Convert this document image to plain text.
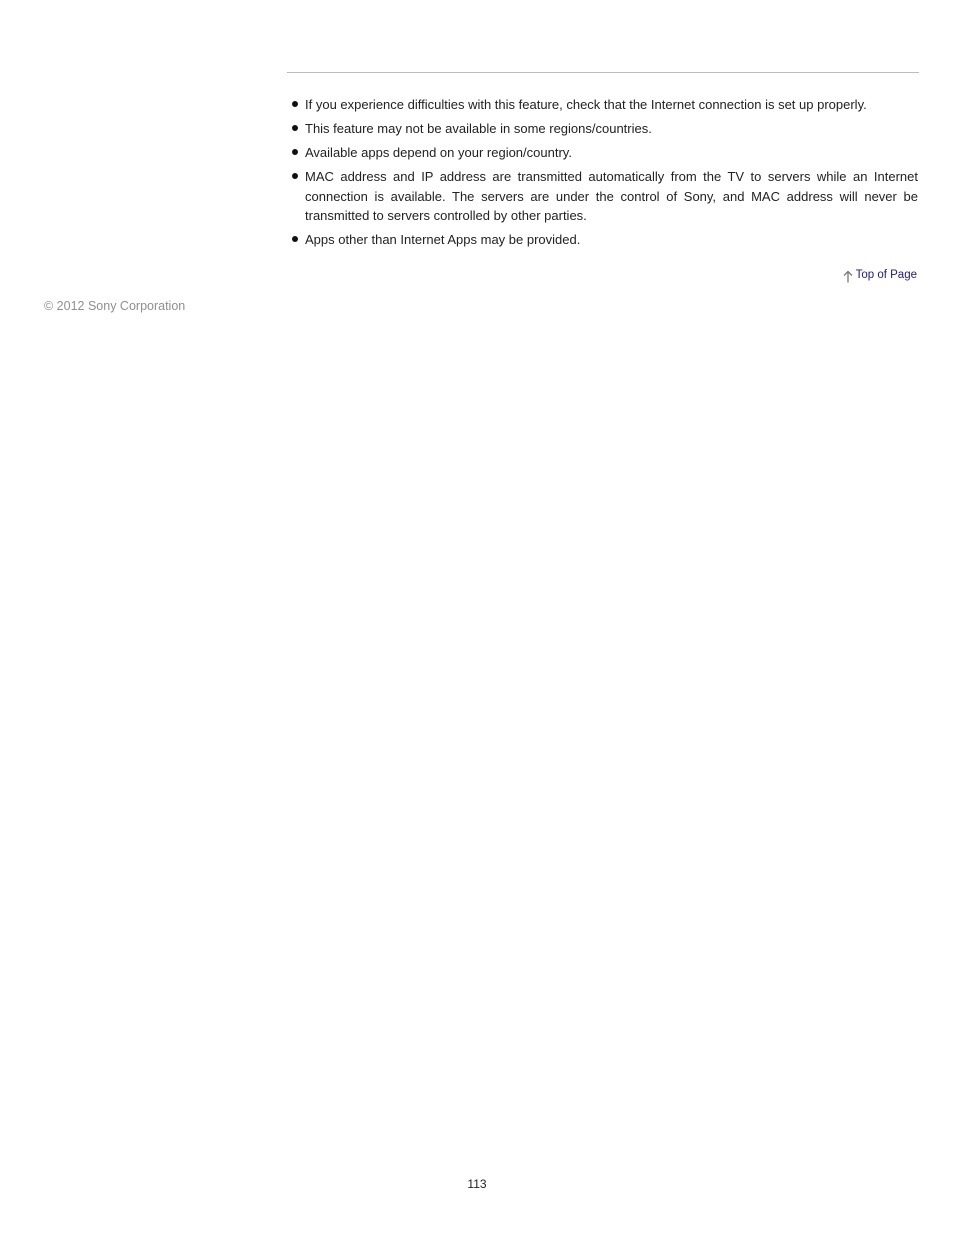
If you experience difficulties with this feature, check that the Internet connection is set up properly.
This feature may not be available in some regions/countries.
Available apps depend on your region/country.
MAC address and IP address are transmitted automatically from the TV to servers while an Internet connection is available. The servers are under the control of Sony, and MAC address will never be transmitted to servers controlled by other parties.
Apps other than Internet Apps may be provided.
Top of Page
© 2012 Sony Corporation
113
